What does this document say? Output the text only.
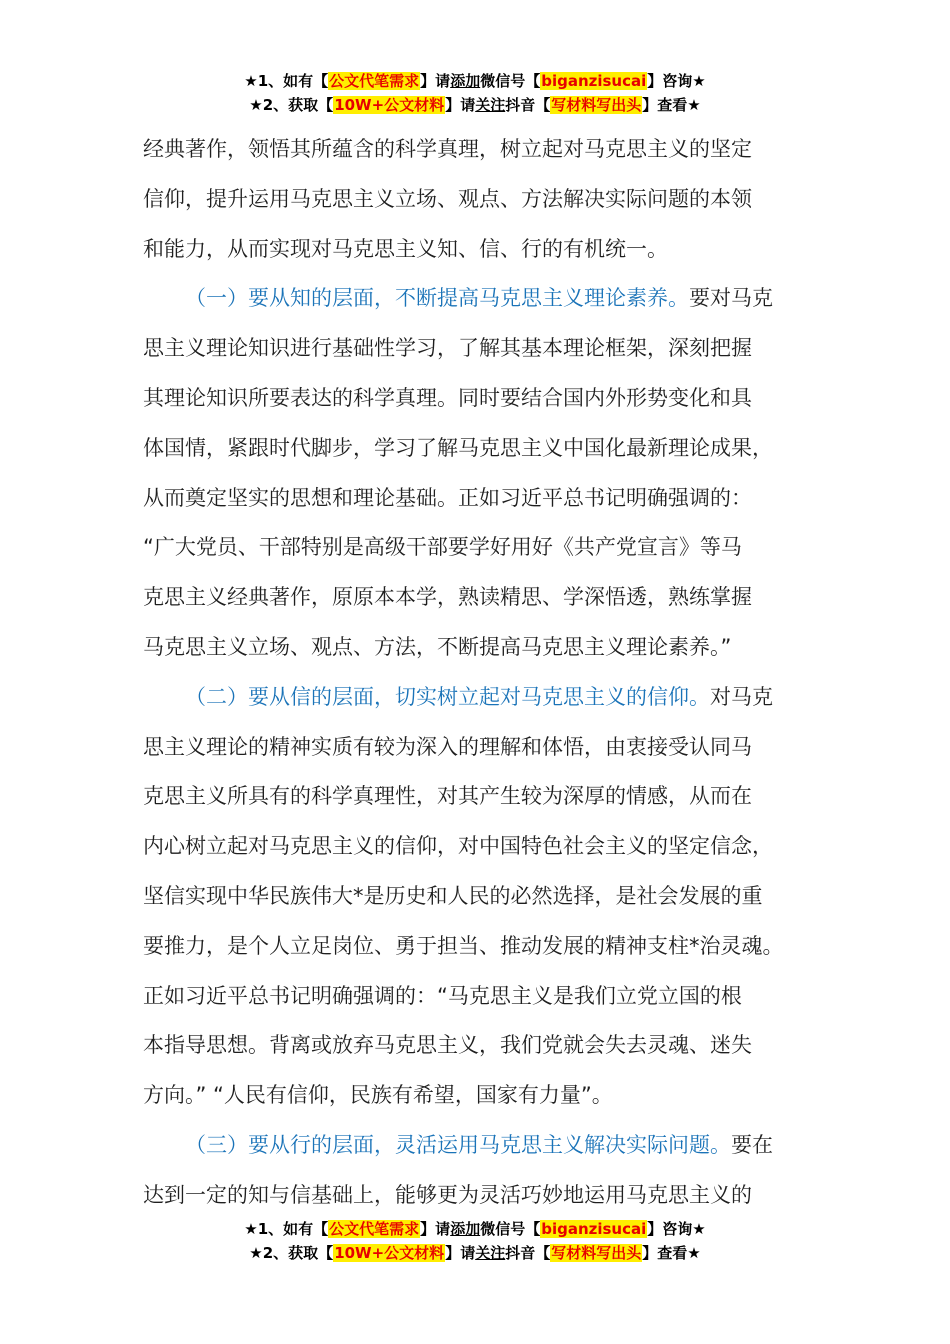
★1、如有【公文代笔需求】请添加微信号【biganzisucai】咨询★
★2、获取【10W+公文材料】请关注抖音【写材料写出头】查看★
经典著作，领悟其所蕴含的科学真理，树立起对马克思主义的坚定
信仰，提升运用马克思主义立场、观点、方法解决实际问题的本领
和能力，从而实现对马克思主义知、信、行的有机统一。
（一）要从知的层面，不断提高马克思主义理论素养。要对马克
思主义理论知识进行基础性学习，了解其基本理论框架，深刻把握
其理论知识所要表达的科学真理。同时要结合国内外形势变化和具
体国情，紧跟时代脚步，学习了解马克思主义中国化最新理论成果，
从而奠定坚实的思想和理论基础。正如习近平总书记明确强调的：
“广大党员、干部特别是高级干部要学好用好《共产党宣言》等马
克思主义经典著作，原原本本学，熟读精思、学深悟透，熟练掌握
马克思主义立场、观点、方法，不断提高马克思主义理论素养。”
（二）要从信的层面，切实树立起对马克思主义的信仰。对马克
思主义理论的精神实质有较为深入的理解和体悟，由衷接受认同马
克思主义所具有的科学真理性，对其产生较为深厚的情感，从而在
内心树立起对马克思主义的信仰，对中国特色社会主义的坚定信念，
坚信实现中华民族伟大*是历史和人民的必然选择，是社会发展的重
要推力，是个人立足岗位、勇于担当、推动发展的精神支柱*治灵魂。
正如习近平总书记明确强调的：“马克思主义是我们立党立国的根
本指导思想。背离或放弃马克思主义，我们党就会失去灵魂、迷失
方向。” “人民有信仰，民族有希望，国家有力量”。
（三）要从行的层面，灵活运用马克思主义解决实际问题。要在
达到一定的知与信基础上，能够更为灵活巧妙地运用马克思主义的
★1、如有【公文代笔需求】请添加微信号【biganzisucai】咨询★
★2、获取【10W+公文材料】请关注抖音【写材料写出头】查看★
